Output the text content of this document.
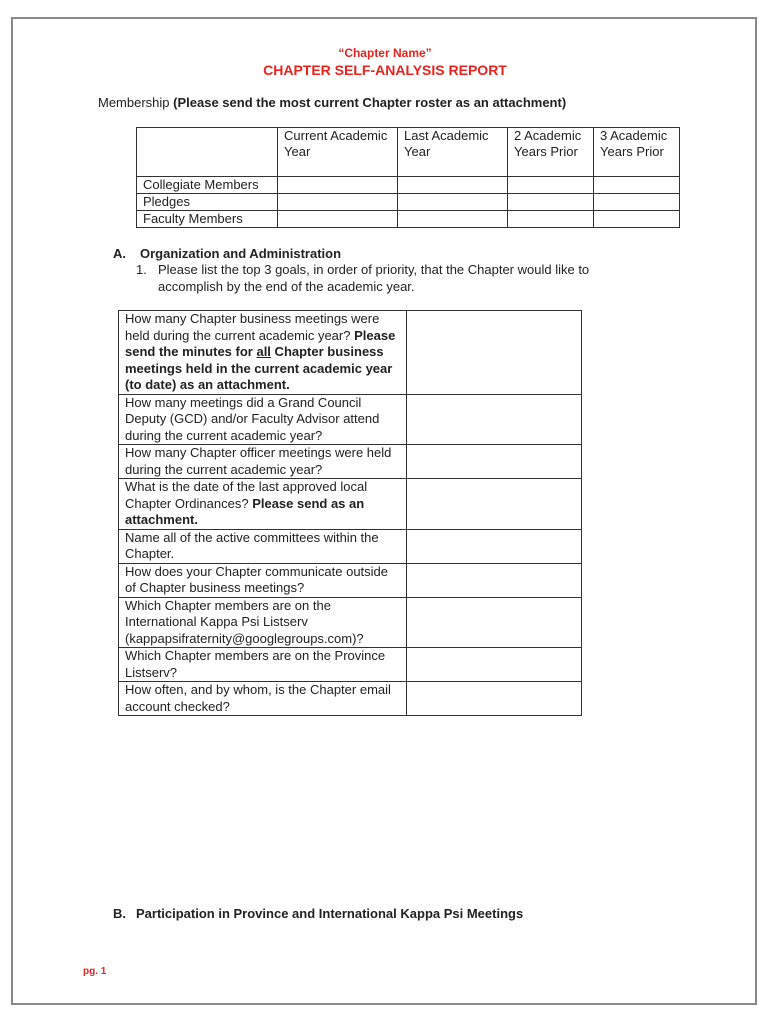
“Chapter Name”
CHAPTER SELF-ANALYSIS REPORT
Membership (Please send the most current Chapter roster as an attachment)
	Current Academic Year	Last Academic Year	2 Academic Years Prior	3 Academic Years Prior
Collegiate Members				
Pledges				
Faculty Members				
A. Organization and Administration
1. Please list the top 3 goals, in order of priority, that the Chapter would like to accomplish by the end of the academic year.
How many Chapter business meetings were held during the current academic year? Please send the minutes for all Chapter business meetings held in the current academic year (to date) as an attachment.	
How many meetings did a Grand Council Deputy (GCD) and/or Faculty Advisor attend during the current academic year?	
How many Chapter officer meetings were held during the current academic year?	
What is the date of the last approved local Chapter Ordinances? Please send as an attachment.	
Name all of the active committees within the Chapter.	
How does your Chapter communicate outside of Chapter business meetings?	
Which Chapter members are on the International Kappa Psi Listserv (kappapsifraternity@googlegroups.com)?	
Which Chapter members are on the Province Listserv?	
How often, and by whom, is the Chapter email account checked?	
B. Participation in Province and International Kappa Psi Meetings
pg. 1
